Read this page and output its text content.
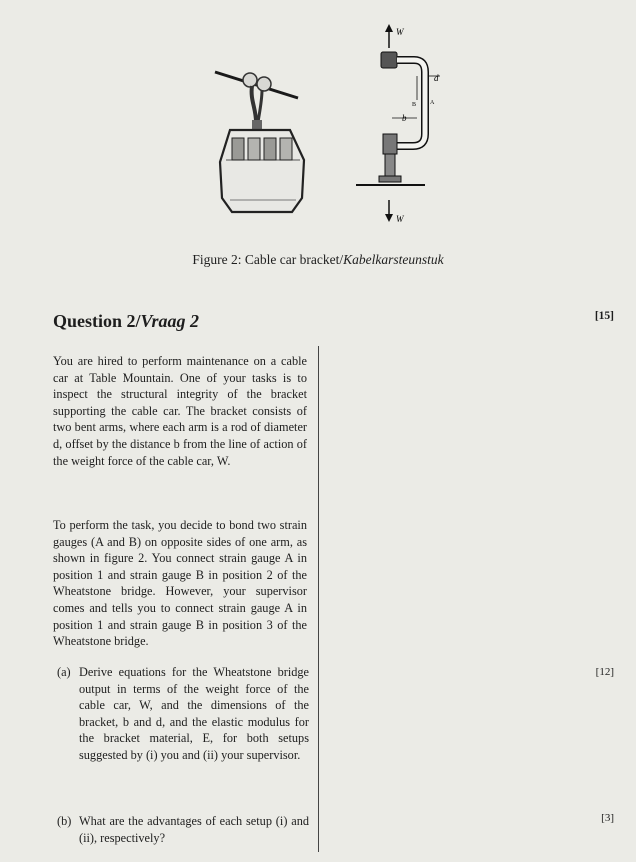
W
W
d
b
B A
Figure 2: Cable car bracket/Kabelkarsteunstuk
Question 2/Vraag 2	[15]
You are hired to perform maintenance on a cable car at Table Mountain. One of your tasks is to inspect the structural integrity of the bracket supporting the cable car. The bracket consists of two bent arms, where each arm is a rod of diameter d, offset by the distance b from the line of action of the weight force of the cable car, W.
To perform the task, you decide to bond two strain gauges (A and B) on opposite sides of one arm, as shown in figure 2. You connect strain gauge A in position 1 and strain gauge B in position 2 of the Wheatstone bridge. However, your supervisor comes and tells you to connect strain gauge A in position 1 and strain gauge B in position 3 of the Wheatstone bridge.
(a) Derive equations for the Wheatstone bridge output in terms of the weight force of the cable car, W, and the dimensions of the bracket, b and d, and the elastic modulus for the bracket material, E, for both setups suggested by (i) you and (ii) your supervisor.
[12]
(b) What are the advantages of each setup (i) and (ii), respectively?
[3]
